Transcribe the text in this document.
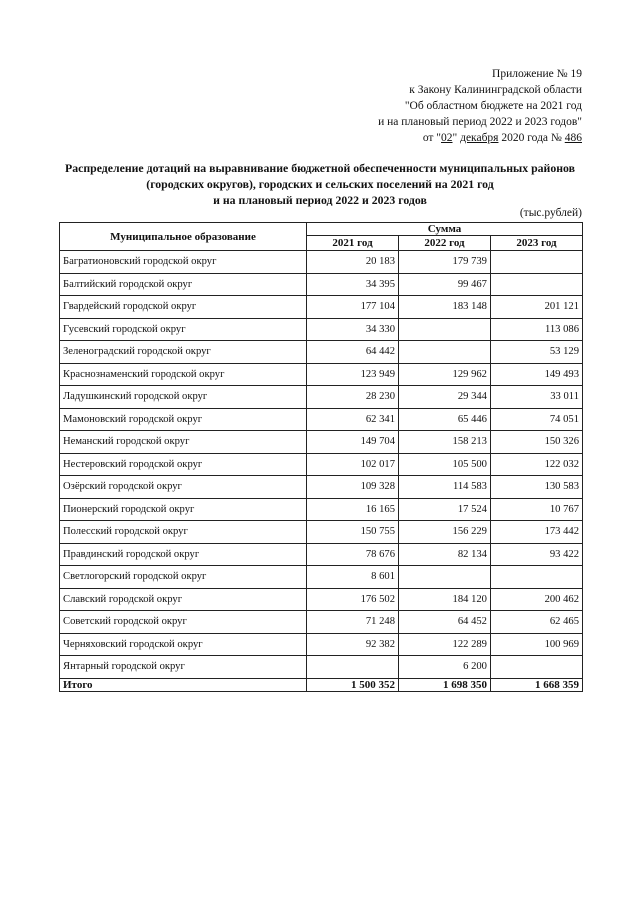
Приложение № 19
к Закону Калининградской области
"Об областном бюджете на 2021 год
и на плановый период 2022 и 2023 годов"
от "02" декабря 2020 года № 486
Распределение дотаций на выравнивание бюджетной обеспеченности муниципальных районов
(городских округов), городских и сельских поселений на 2021 год
и на плановый период 2022 и 2023 годов
(тыс.рублей)
Муниципальное образование	Сумма		
	2021 год	2022 год	2023 год
Багратионовский городской округ	20 183	179 739	
Балтийский городской округ	34 395	99 467	
Гвардейский городской округ	177 104	183 148	201 121
Гусевский городской округ	34 330		113 086
Зеленоградский городской округ	64 442		53 129
Краснознаменский городской округ	123 949	129 962	149 493
Ладушкинский городской округ	28 230	29 344	33 011
Мамоновский городской округ	62 341	65 446	74 051
Неманский городской округ	149 704	158 213	150 326
Нестеровский городской округ	102 017	105 500	122 032
Озёрский городской округ	109 328	114 583	130 583
Пионерский городской округ	16 165	17 524	10 767
Полесский городской округ	150 755	156 229	173 442
Правдинский городской округ	78 676	82 134	93 422
Светлогорский городской округ	8 601		
Славский городской округ	176 502	184 120	200 462
Советский городской округ	71 248	64 452	62 465
Черняховский городской округ	92 382	122 289	100 969
Янтарный городской округ		6 200	
Итого	1 500 352	1 698 350	1 668 359
